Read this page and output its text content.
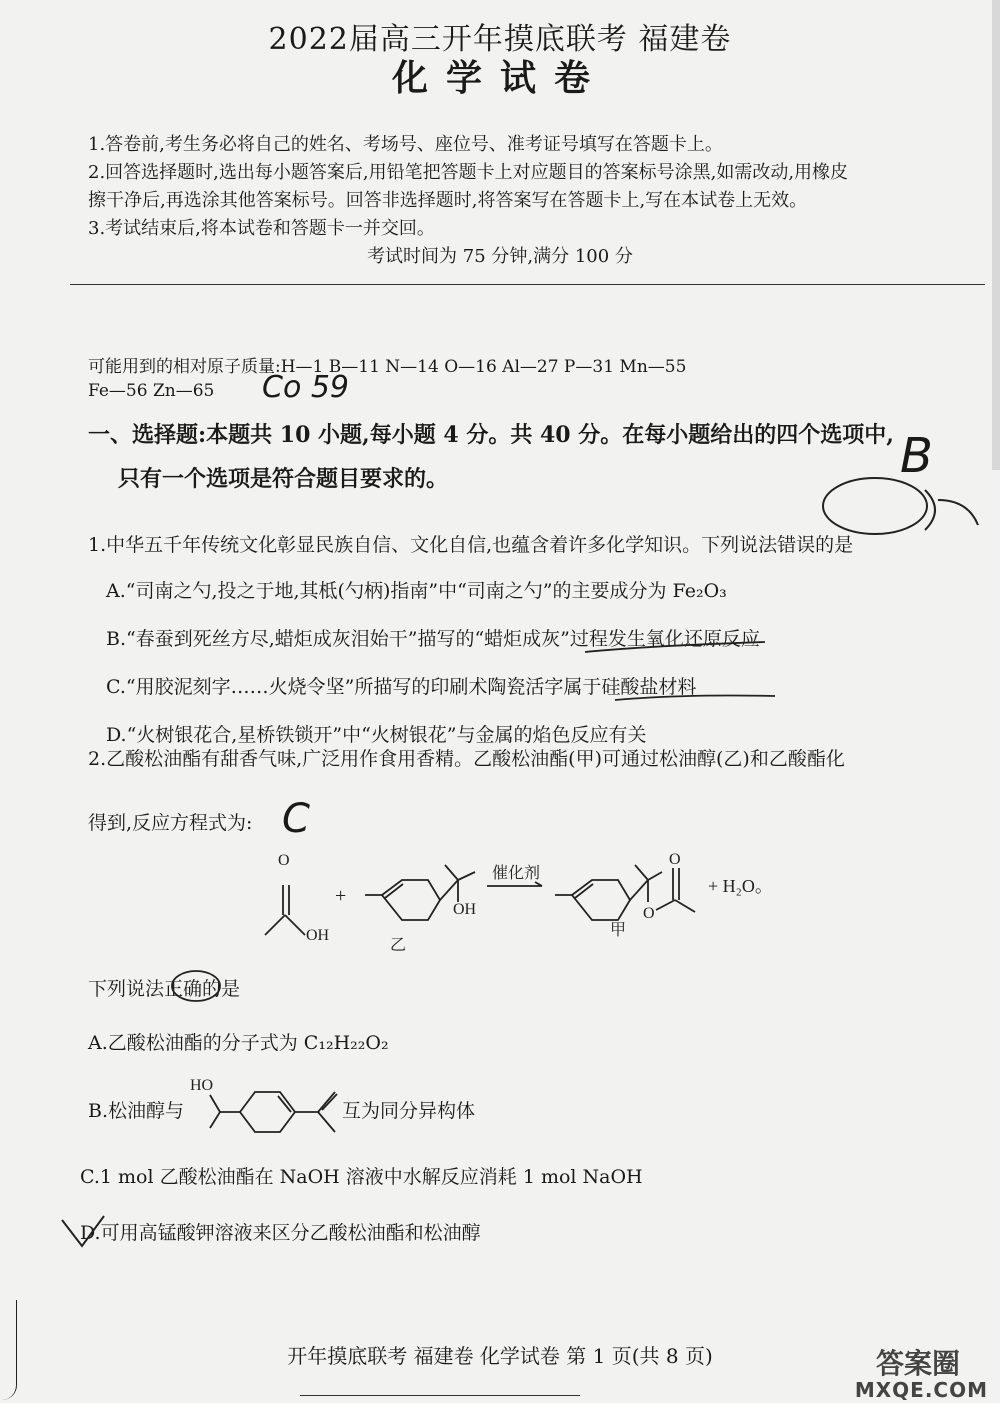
2022届高三开年摸底联考 福建卷
化学试卷
1.答卷前,考生务必将自己的姓名、考场号、座位号、准考证号填写在答题卡上。
2.回答选择题时,选出每小题答案后,用铅笔把答题卡上对应题目的答案标号涂黑,如需改动,用橡皮
擦干净后,再选涂其他答案标号。回答非选择题时,将答案写在答题卡上,写在本试卷上无效。
3.考试结束后,将本试卷和答题卡一并交回。
考试时间为 75 分钟,满分 100 分
可能用到的相对原子质量:H—1 B—11 N—14 O—16 Al—27 P—31 Mn—55
Fe—56 Zn—65 Co 59
一、选择题:本题共 10 小题,每小题 4 分。共 40 分。在每小题给出的四个选项中,
只有一个选项是符合题目要求的。	B
1.中华五千年传统文化彰显民族自信、文化自信,也蕴含着许多化学知识。下列说法错误的是
A.“司南之勺,投之于地,其柢(勺柄)指南”中“司南之勺”的主要成分为 Fe₂O₃
B.“春蚕到死丝方尽,蜡炬成灰泪始干”描写的“蜡炬成灰”过程发生氧化还原反应
C.“用胶泥刻字……火烧令坚”所描写的印刷术陶瓷活字属于硅酸盐材料
D.“火树银花合,星桥铁锁开”中“火树银花”与金属的焰色反应有关
2.乙酸松油酯有甜香气味,广泛用作食用香精。乙酸松油酯(甲)可通过松油醇(乙)和乙酸酯化
得到,反应方程式为: C
O
OH
+
OH
乙
催化剂
O
O
甲
+ H₂O。
下列说法正确的是
A.乙酸松油酯的分子式为 C₁₂H₂₂O₂
B.松油醇与
HO
互为同分异构体
C.1 mol 乙酸松油酯在 NaOH 溶液中水解反应消耗 1 mol NaOH
D.可用高锰酸钾溶液来区分乙酸松油酯和松油醇
开年摸底联考 福建卷 化学试卷 第 1 页(共 8 页)	答案圈
MXQE.COM
